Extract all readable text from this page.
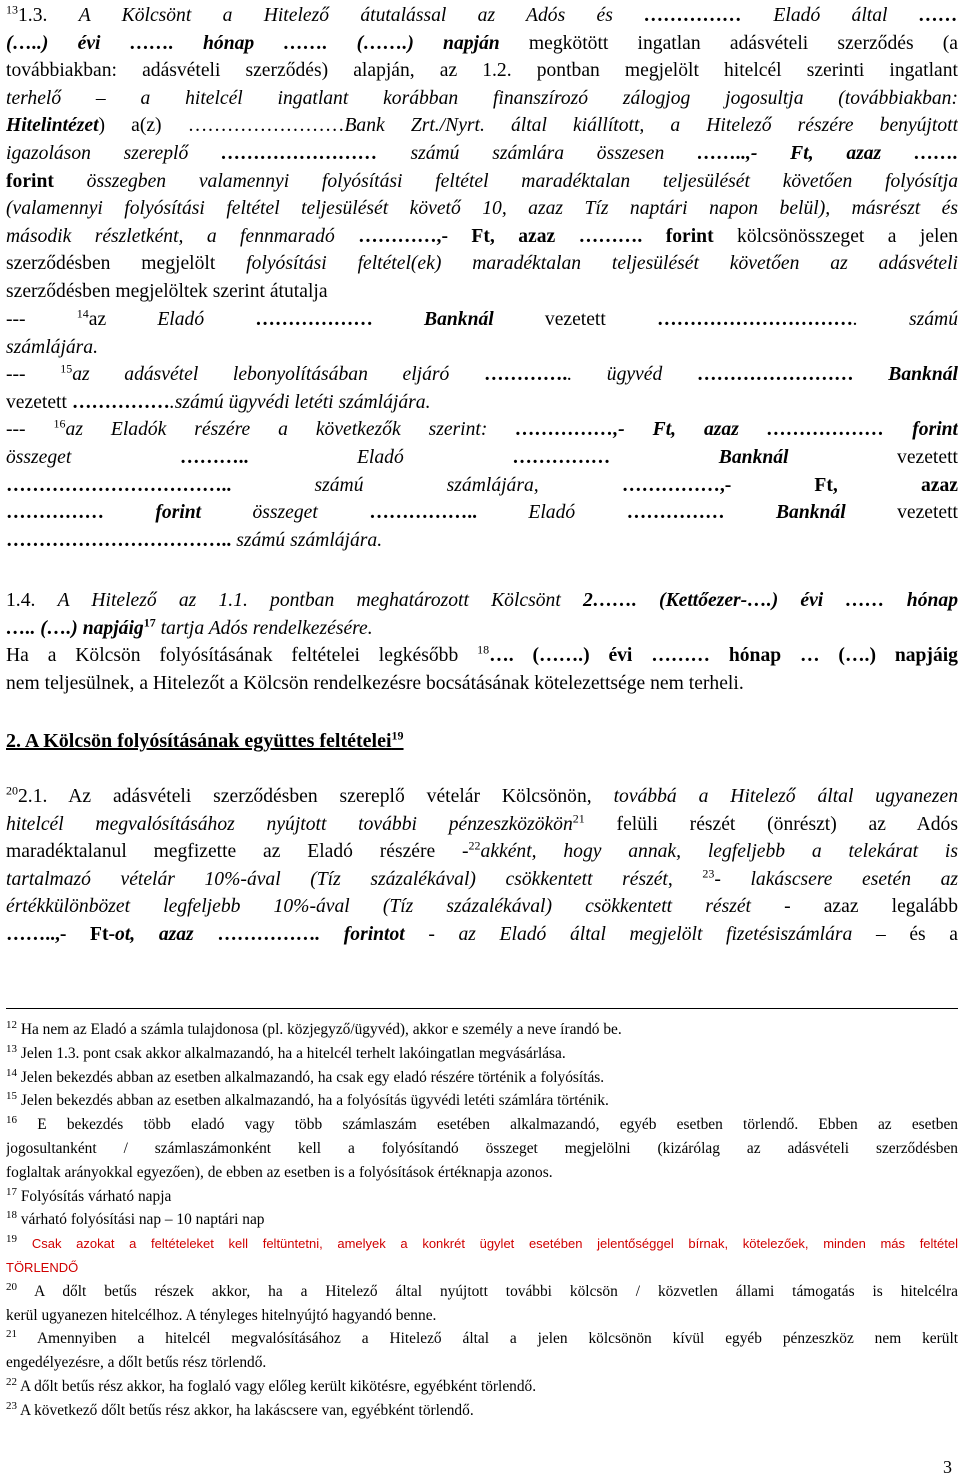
$^{13}$1.3. A Kölcsönt a Hitelező átutalással az Adós és …………… Eladó által ……
(…..) évi ……. hónap ……. (…….) napján megkötött ingatlan adásvételi szerződés (a
továbbiakban: adásvételi szerződés) alapján, az 1.2. pontban megjelölt hitelcél szerinti ingatlant
terhelő – a hitelcél ingatlant korábban finanszírozó zálogjog jogosultja (továbbiakban:
Hitelintézet) a(z) ……………………Bank Zrt./Nyrt. által kiállított, a Hitelező részére benyújtott
igazoláson szereplő …………………… számú számlára összesen ……..,- Ft, azaz …….
forint összegben valamennyi folyósítási feltétel maradéktalan teljesülését követően folyósítja
(valamennyi folyósítási feltétel teljesülését követő 10, azaz Tíz naptári napon belül), másrészt és
második részletként, a fennmaradó …………,- Ft, azaz ………. forint kölcsönösszeget a jelen
szerződésben megjelölt folyósítási feltétel(ek) maradéktalan teljesülését követően az adásvételi
szerződésben megjelöltek szerint átutalja
--- $^{14}$az Eladó ……………… Banknál vezetett …………………………. számú
számlájára.
--- $^{15}$az adásvétel lebonyolításában eljáró ………….. ügyvéd …………………… Banknál
vezetett …………….számú ügyvédi letéti számlájára.
--- $^{16}$az Eladók részére a következők szerint: ……………,- Ft, azaz ……………… forint
összeget ……….. Eladó …………… Banknál vezetett
…………………………….. számú számlájára, ……………,- Ft, azaz
…………… forint összeget …………….. Eladó …………… Banknál vezetett
…………………………….. számú számlájára.
1.4. A Hitelező az 1.1. pontban meghatározott Kölcsönt 2……. (Kettőezer-….) évi …… hónap
….. (….) napjáig$^{17}$ tartja Adós rendelkezésére.
Ha a Kölcsön folyósításának feltételei legkésőbb $^{18}$…. (…….) évi ……… hónap … (….) napjáig
nem teljesülnek, a Hitelezőt a Kölcsön rendelkezésre bocsátásának kötelezettsége nem terheli.
2. A Kölcsön folyósításának együttes feltételei$^{19}$
$^{20}$2.1. Az adásvételi szerződésben szereplő vételár Kölcsönön, továbbá a Hitelező által ugyanezen
hitelcél megvalósításához nyújtott további pénzeszközökön$^{21}$ felüli részét (önrészt) az Adós
maradéktalanul megfizette az Eladó részére -$^{22}$akként, hogy annak, legfeljebb a telekárat is
tartalmazó vételár 10%-ával (Tíz százalékával) csökkentett részét, $^{23}$- lakáscsere esetén az
értékkülönbözet legfeljebb 10%-ával (Tíz százalékával) csökkentett részét - azaz legalább
……..,- Ft-ot, azaz ……………. forintot - az Eladó által megjelölt fizetésiszámlára – és a
$^{12}$ Ha nem az Eladó a számla tulajdonosa (pl. közjegyző/ügyvéd), akkor e személy a neve írandó be.
$^{13}$ Jelen 1.3. pont csak akkor alkalmazandó, ha a hitelcél terhelt lakóingatlan megvásárlása.
$^{14}$ Jelen bekezdés abban az esetben alkalmazandó, ha csak egy eladó részére történik a folyósítás.
$^{15}$ Jelen bekezdés abban az esetben alkalmazandó, ha a folyósítás ügyvédi letéti számlára történik.
$^{16}$ E bekezdés több eladó vagy több számlaszám esetében alkalmazandó, egyéb esetben törlendő. Ebben az esetben
jogosultanként / számlaszámonként kell a folyósítandó összeget megjelölni (kizárólag az adásvételi szerződésben
foglaltak arányokkal egyezően), de ebben az esetben is a folyósítások értéknapja azonos.
$^{17}$ Folyósítás várható napja
$^{18}$ várható folyósítási nap – 10 naptári nap
$^{19}$ Csak azokat a feltételeket kell feltüntetni, amelyek a konkrét ügylet esetében jelentőséggel bírnak, kötelezőek, minden más feltétel
TÖRLENDŐ
$^{20}$ A dőlt betűs részek akkor, ha a Hitelező által nyújtott további kölcsön / közvetlen állami támogatás is hitelcélra
kerül ugyanezen hitelcélhoz. A tényleges hitelnyújtó hagyandó benne.
$^{21}$ Amennyiben a hitelcél megvalósításához a Hitelező által a jelen kölcsönön kívül egyéb pénzeszköz nem került
engedélyezésre, a dőlt betűs rész törlendő.
$^{22}$ A dőlt betűs rész akkor, ha foglaló vagy előleg került kikötésre, egyébként törlendő.
$^{23}$ A következő dőlt betűs rész akkor, ha lakáscsere van, egyébként törlendő.
3
